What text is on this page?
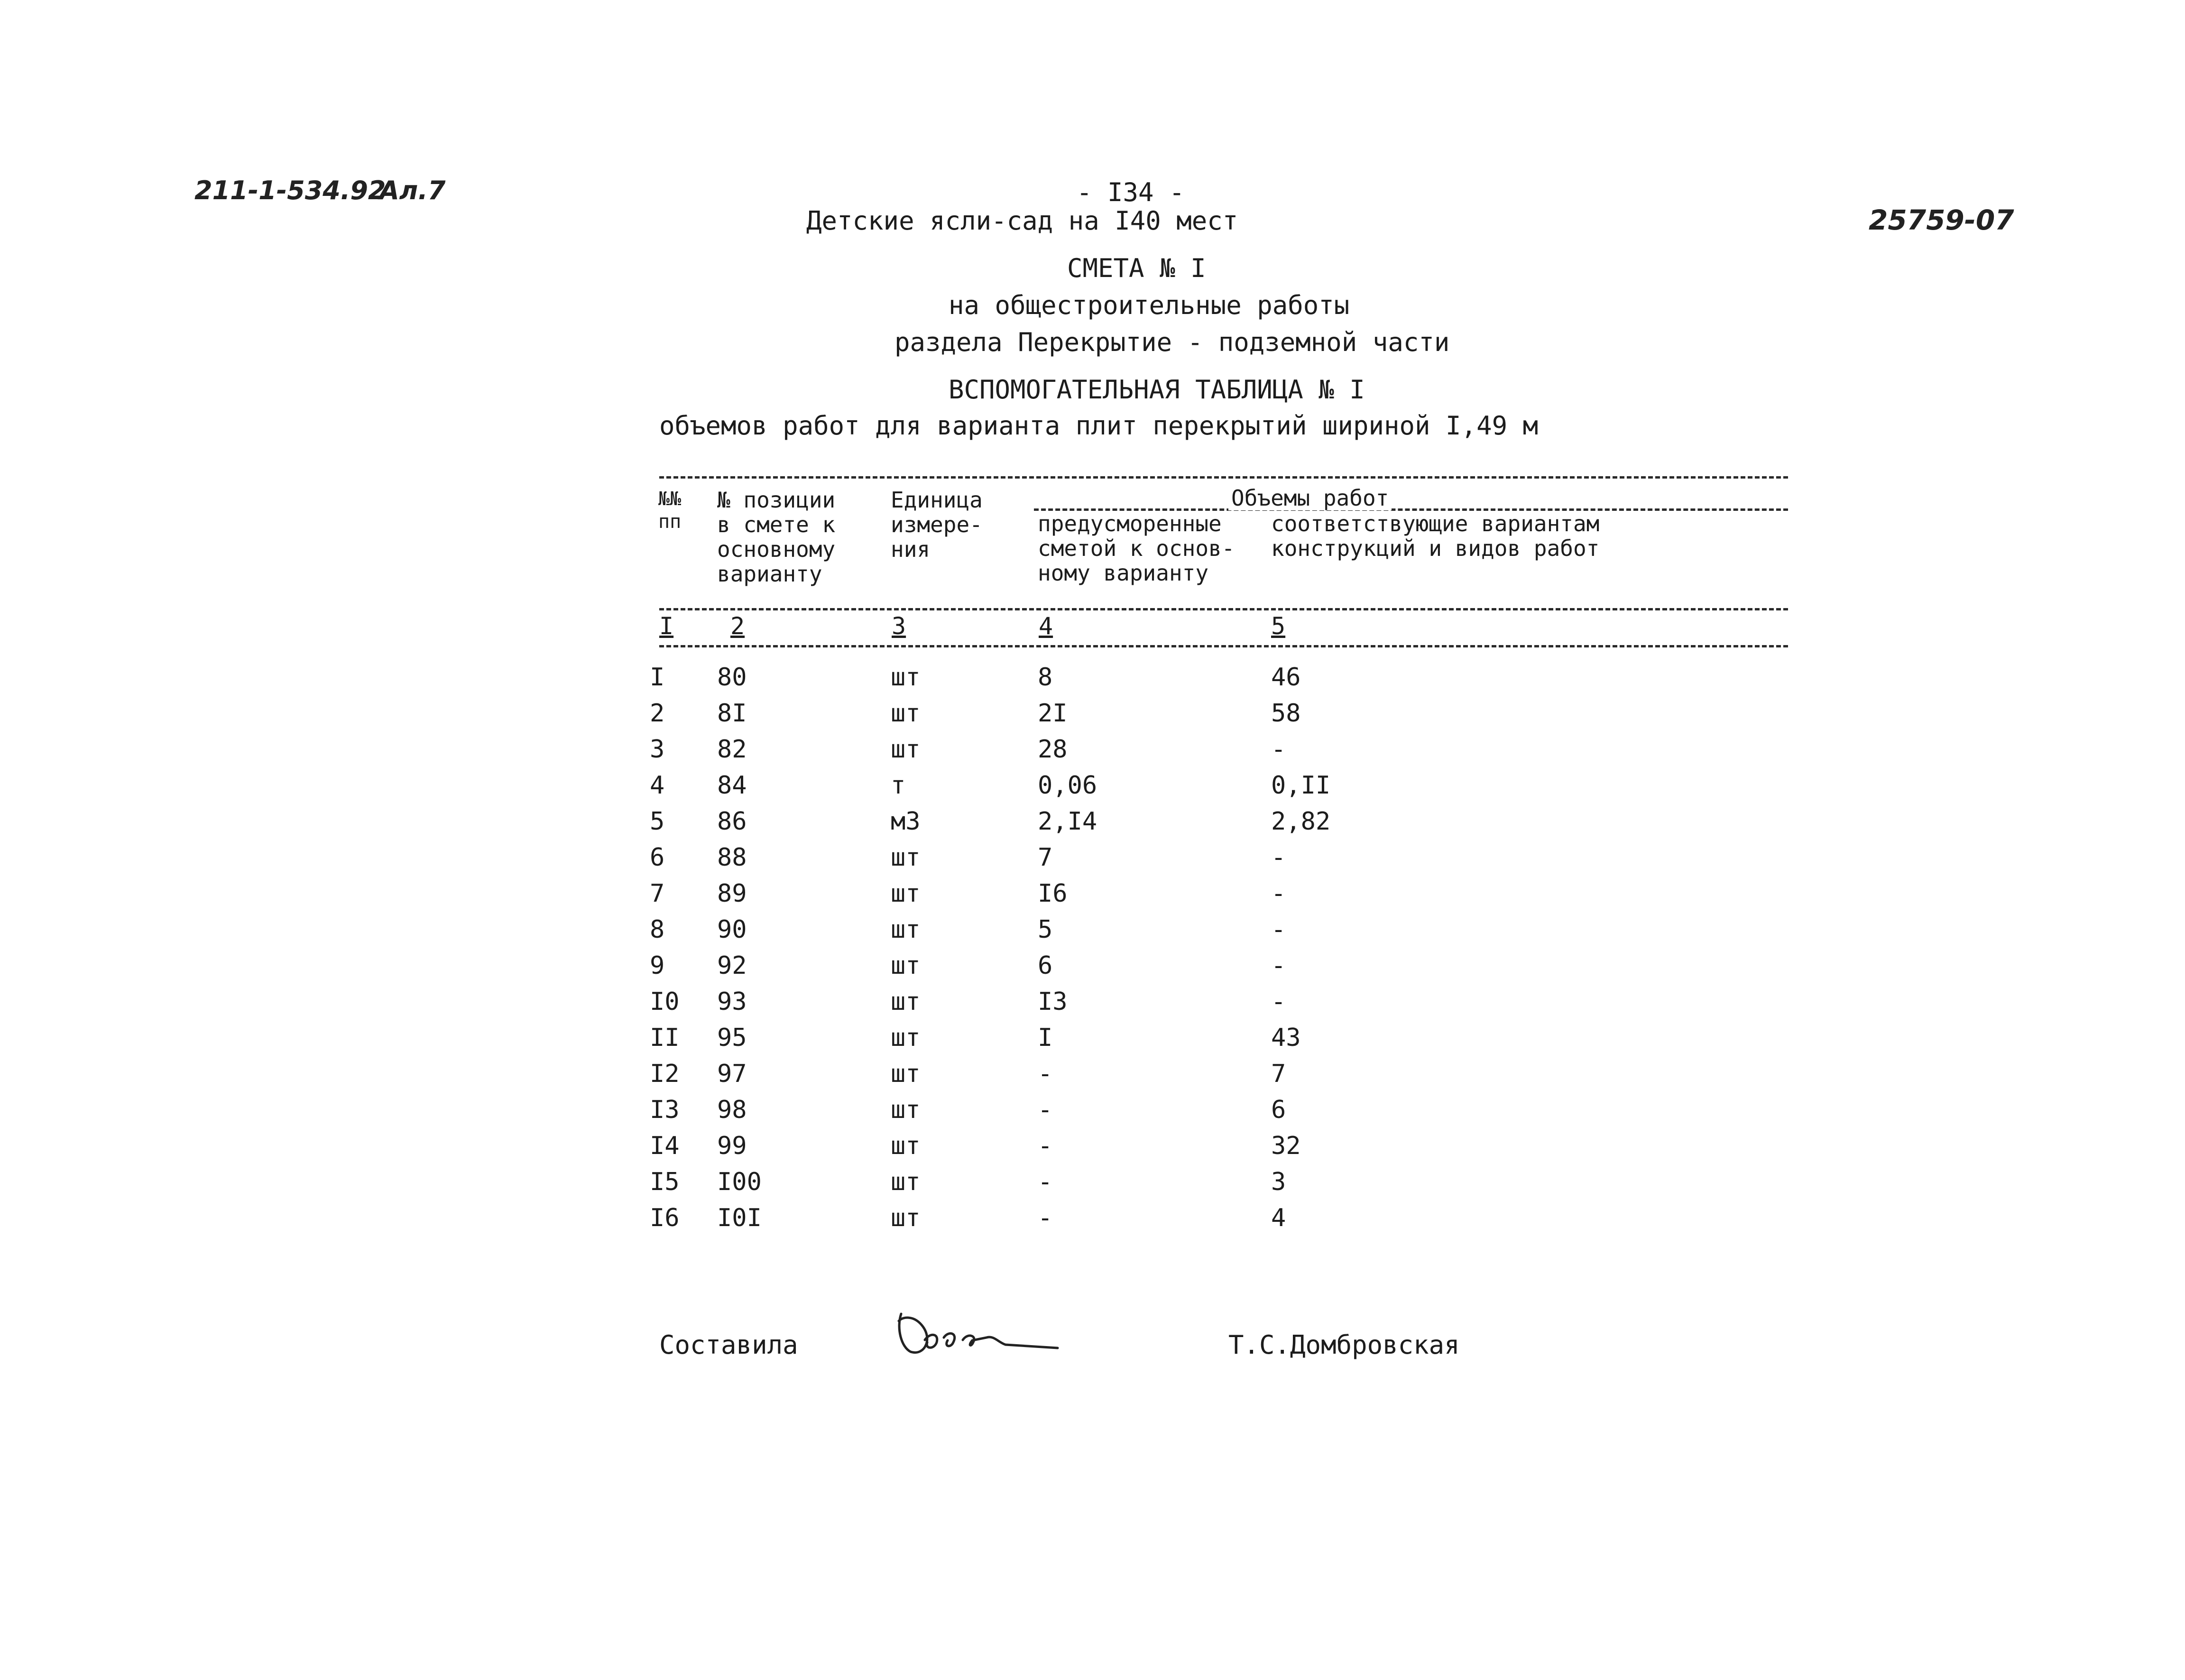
211-1-534.92
Ал.7
25759-07
- I34 -
Детские ясли-сад на I40 мест
СМЕТА № I
на общестроительные работы
раздела Перекрытие - подземной части
ВСПОМОГАТЕЛЬНАЯ ТАБЛИЦА № I
объемов работ для варианта плит перекрытий шириной I,49 м
№№
пп
№ позиции
в смете к
основному
варианту
Единица
измере-
ния
Объемы работ
предусморенные
сметой к основ-
ному варианту
соответствующие вариантам
конструкций и видов работ
I 2	3	4	5
I 80	шт	8	46
2 8I	шт	2I	58
3 82	шт	28	-
4 84	т	0,06	0,II
5 86	м3	2,I4	2,82
6 88	шт	7	-
7 89	шт	I6	-
8 90	шт	5	-
9 92	шт	6	-
I0 93	шт	I3	-
II 95	шт	I	43
I2 97	шт	-	7
I3 98	шт	-	6
I4 99	шт	-	32
I5 I00	шт	-	3
I6 I0I	шт	-	4
Составила	Т.С.Домбровская
